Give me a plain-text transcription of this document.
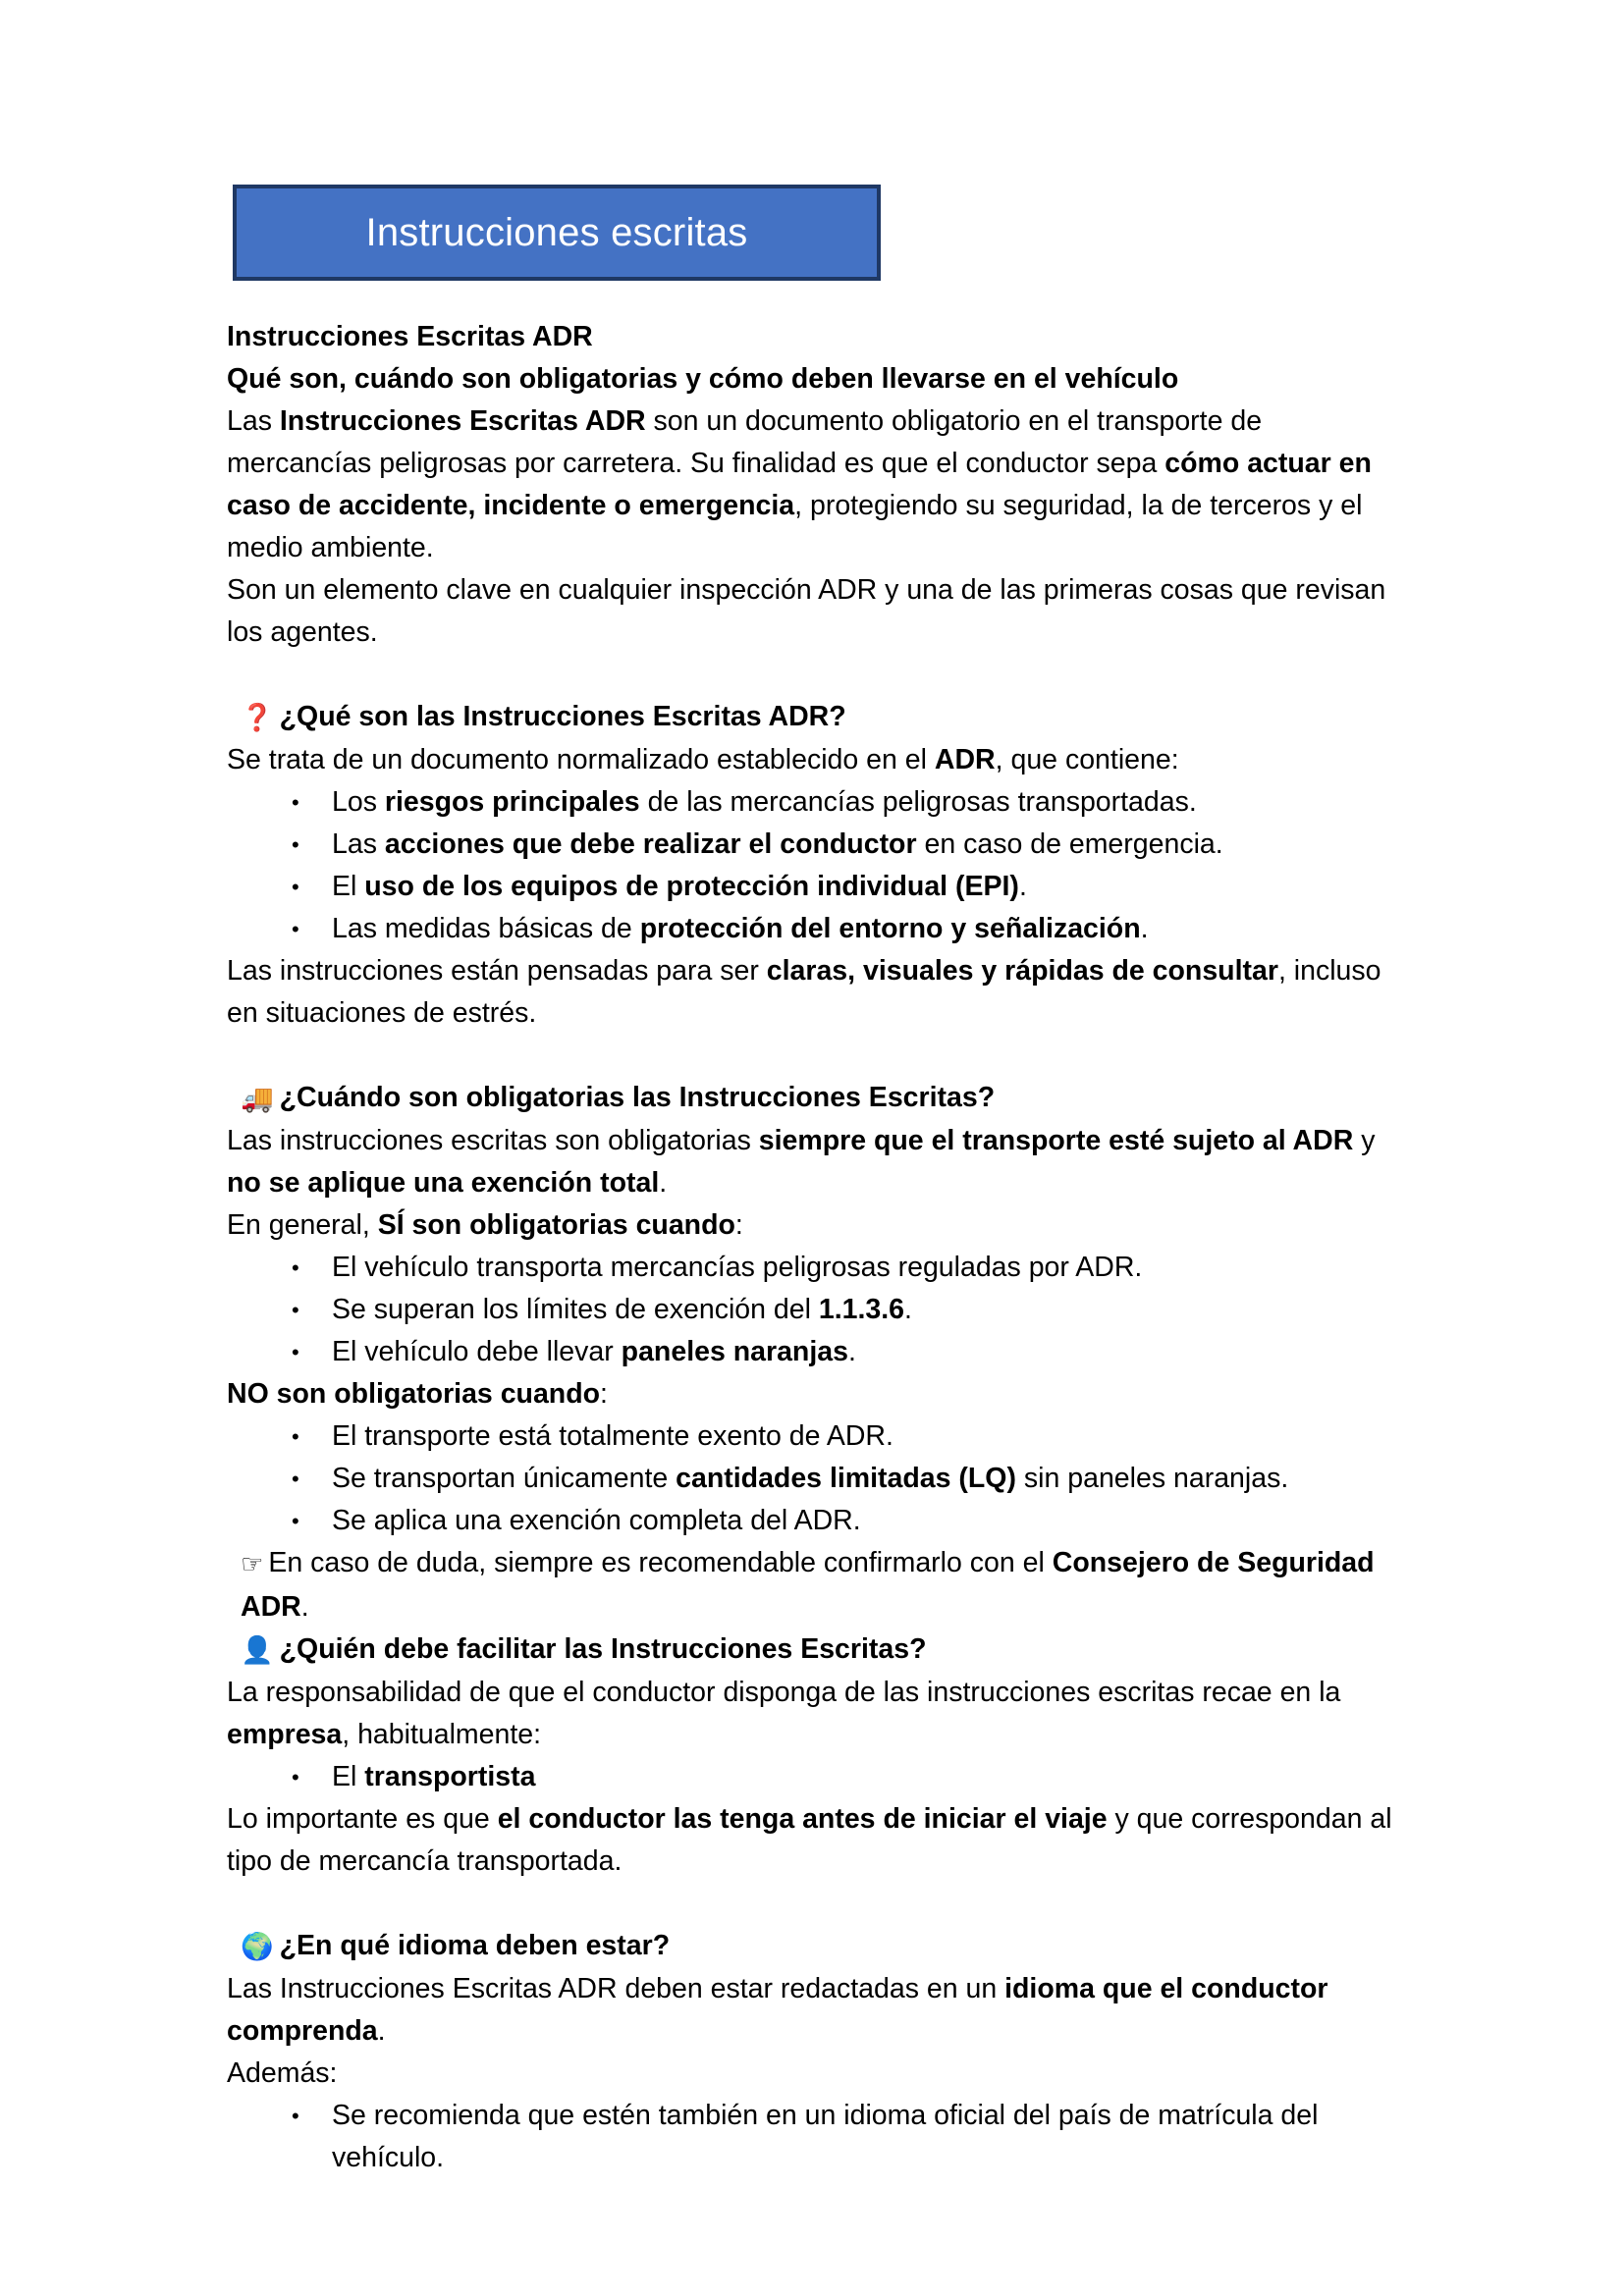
Instrucciones escritas

Instrucciones Escritas ADR

Qué son, cuándo son obligatorias y cómo deben llevarse en el vehículo

Las Instrucciones Escritas ADR son un documento obligatorio en el transporte de mercancías peligrosas por carretera. Su finalidad es que el conductor sepa cómo actuar en caso de accidente, incidente o emergencia, protegiendo su seguridad, la de terceros y el medio ambiente.

Son un elemento clave en cualquier inspección ADR y una de las primeras cosas que revisan los agentes.

❓ ¿Qué son las Instrucciones Escritas ADR?

Se trata de un documento normalizado establecido en el ADR, que contiene:

• Los riesgos principales de las mercancías peligrosas transportadas.
• Las acciones que debe realizar el conductor en caso de emergencia.
• El uso de los equipos de protección individual (EPI).
• Las medidas básicas de protección del entorno y señalización.

Las instrucciones están pensadas para ser claras, visuales y rápidas de consultar, incluso en situaciones de estrés.

🚚 ¿Cuándo son obligatorias las Instrucciones Escritas?

Las instrucciones escritas son obligatorias siempre que el transporte esté sujeto al ADR y no se aplique una exención total.

En general, SÍ son obligatorias cuando:

• El vehículo transporta mercancías peligrosas reguladas por ADR.
• Se superan los límites de exención del 1.1.3.6.
• El vehículo debe llevar paneles naranjas.

NO son obligatorias cuando:

• El transporte está totalmente exento de ADR.
• Se transportan únicamente cantidades limitadas (LQ) sin paneles naranjas.
• Se aplica una exención completa del ADR.

☞ En caso de duda, siempre es recomendable confirmarlo con el Consejero de Seguridad ADR.

👤 ¿Quién debe facilitar las Instrucciones Escritas?

La responsabilidad de que el conductor disponga de las instrucciones escritas recae en la empresa, habitualmente:

• El transportista

Lo importante es que el conductor las tenga antes de iniciar el viaje y que correspondan al tipo de mercancía transportada.

🌍 ¿En qué idioma deben estar?

Las Instrucciones Escritas ADR deben estar redactadas en un idioma que el conductor comprenda.

Además:

• Se recomienda que estén también en un idioma oficial del país de matrícula del vehículo.
